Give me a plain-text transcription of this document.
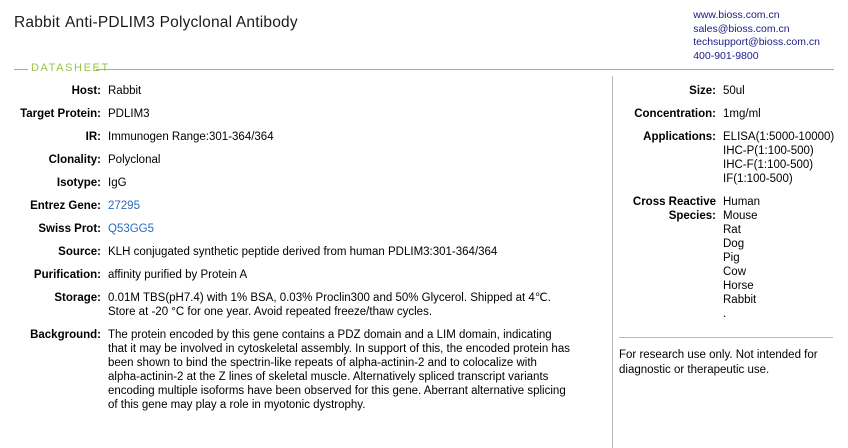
Rabbit Anti-PDLIM3 Polyclonal Antibody	www.bioss.com.cn
sales@bioss.com.cn
techsupport@bioss.com.cn
400-901-9800
DATASHEET
Host: Rabbit
Target Protein: PDLIM3
IR: Immunogen Range:301-364/364
Clonality: Polyclonal
Isotype: IgG
Entrez Gene: 27295
Swiss Prot: Q53GG5
Source: KLH conjugated synthetic peptide derived from human PDLIM3:301-364/364
Purification: affinity purified by Protein A
Storage: 0.01M TBS(pH7.4) with 1% BSA, 0.03% Proclin300 and 50% Glycerol. Shipped at 4℃.
Store at -20 °C for one year. Avoid repeated freeze/thaw cycles.
Background: The protein encoded by this gene contains a PDZ domain and a LIM domain, indicating
that it may be involved in cytoskeletal assembly. In support of this, the encoded protein has
been shown to bind the spectrin-like repeats of alpha-actinin-2 and to colocalize with
alpha-actinin-2 at the Z lines of skeletal muscle. Alternatively spliced transcript variants
encoding multiple isoforms have been observed for this gene. Aberrant alternative splicing
of this gene may play a role in myotonic dystrophy.
Size: 50ul
Concentration: 1mg/ml
Applications: ELISA(1:5000-10000)
IHC-P(1:100-500)
IHC-F(1:100-500)
IF(1:100-500)
Cross Reactive
Species:
Human
Mouse
Rat
Dog
Pig
Cow
Horse
Rabbit
.
For research use only. Not intended for
diagnostic or therapeutic use.
